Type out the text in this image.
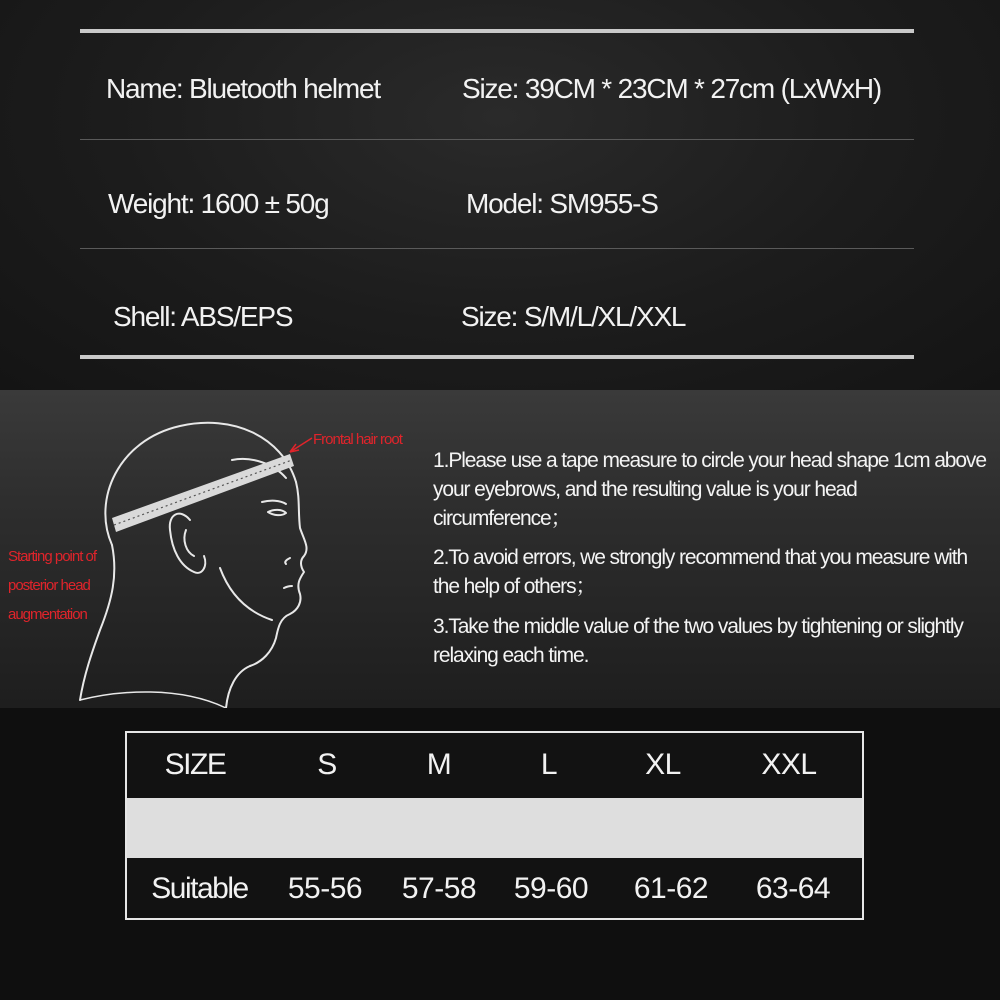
Name: Bluetooth helmet	Size: 39CM * 23CM * 27cm (LxWxH)
Weight: 1600 ± 50g	Model: SM955-S
Shell: ABS/EPS	Size: S/M/L/XL/XXL
Frontal hair root
Starting point of
posterior head
augmentation
1.Please use a tape measure to circle your head shape 1cm above your eyebrows, and the resulting value is your head circumference；
2.To avoid errors, we strongly recommend that you measure with the help of others；
3.Take the middle value of the two values by tightening or slightly relaxing each time.
SIZE	S	M	L	XL	XXL
Suitable	55-56	57-58	59-60	61-62	63-64
